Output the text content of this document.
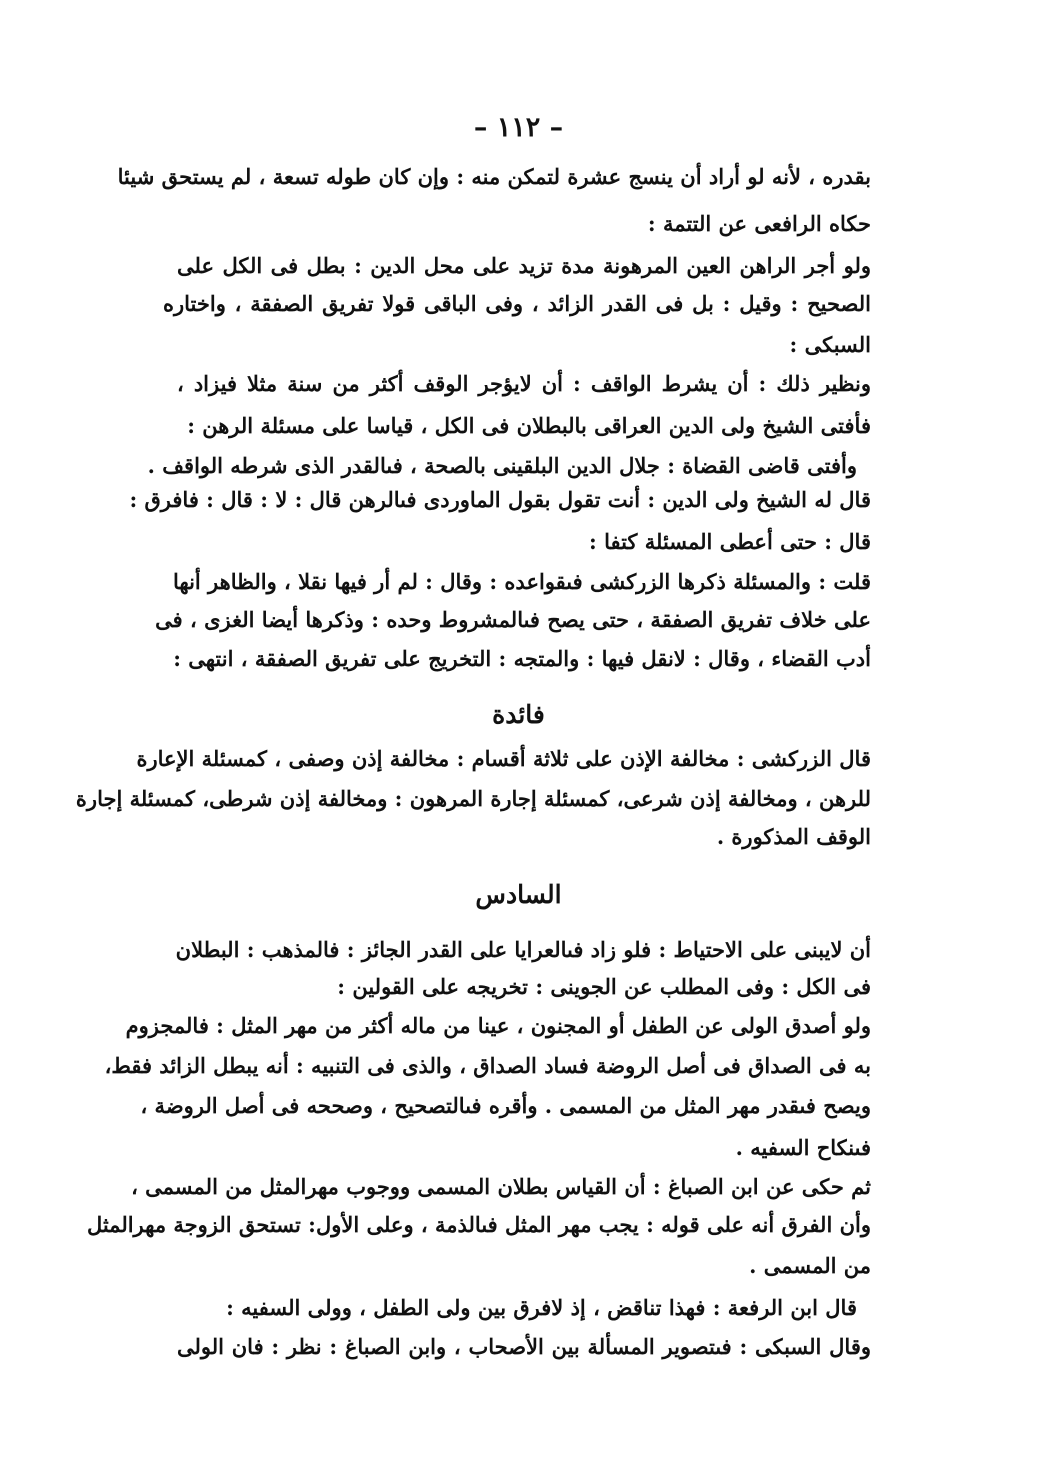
– ١١٢ –
بقدره ، لأنه لو أراد أن ينسج عشرة لتمكن منه : وإن كان طوله تسعة ، لم يستحق شيئا
حكاه الرافعى عن التتمة :
ولو أجر الراهن العين المرهونة مدة تزيد على محل الدين : بطل فى الكل على
الصحيح : وقيل : بل فى القدر الزائد ، وفى الباقى قولا تفريق الصفقة ، واختاره
السبكى :
ونظير ذلك : أن يشرط الواقف : أن لايؤجر الوقف أكثر من سنة مثلا فيزاد ،
فأفتى الشيخ ولى الدين العراقى بالبطلان فى الكل ، قياسا على مسئلة الرهن :
وأفتى قاضى القضاة : جلال الدين البلقينى بالصحة ، فىالقدر الذى شرطه الواقف .
قال له الشيخ ولى الدين : أنت تقول بقول الماوردى فىالرهن قال : لا : قال : فافرق :
قال : حتى أعطى المسئلة كتفا :
قلت : والمسئلة ذكرها الزركشى فىقواعده : وقال : لم أر فيها نقلا ، والظاهر أنها
على خلاف تفريق الصفقة ، حتى يصح فىالمشروط وحده : وذكرها أيضا الغزى ، فى
أدب القضاء ، وقال : لانقل فيها : والمتجه : التخريج على تفريق الصفقة ، انتهى :
فائدة
قال الزركشى : مخالفة الإذن على ثلاثة أقسام : مخالفة إذن وصفى ، كمسئلة الإعارة
للرهن ، ومخالفة إذن شرعى، كمسئلة إجارة المرهون : ومخالفة إذن شرطى، كمسئلة إجارة
الوقف المذكورة .
السادس
أن لايبنى على الاحتياط : فلو زاد فىالعرايا على القدر الجائز : فالمذهب : البطلان
فى الكل : وفى المطلب عن الجوينى : تخريجه على القولين :
ولو أصدق الولى عن الطفل أو المجنون ، عينا من ماله أكثر من مهر المثل : فالمجزوم
به فى الصداق فى أصل الروضة فساد الصداق ، والذى فى التنبيه : أنه يبطل الزائد فقط،
ويصح فىقدر مهر المثل من المسمى . وأقره فىالتصحيح ، وصححه فى أصل الروضة ،
فىنكاح السفيه .
ثم حكى عن ابن الصباغ : أن القياس بطلان المسمى ووجوب مهرالمثل من المسمى ،
وأن الفرق أنه على قوله : يجب مهر المثل فىالذمة ، وعلى الأول: تستحق الزوجة مهرالمثل
من المسمى .
قال ابن الرفعة : فهذا تناقض ، إذ لافرق بين ولى الطفل ، وولى السفيه :
وقال السبكى : فىتصوير المسألة بين الأصحاب ، وابن الصباغ : نظر : فان الولى
